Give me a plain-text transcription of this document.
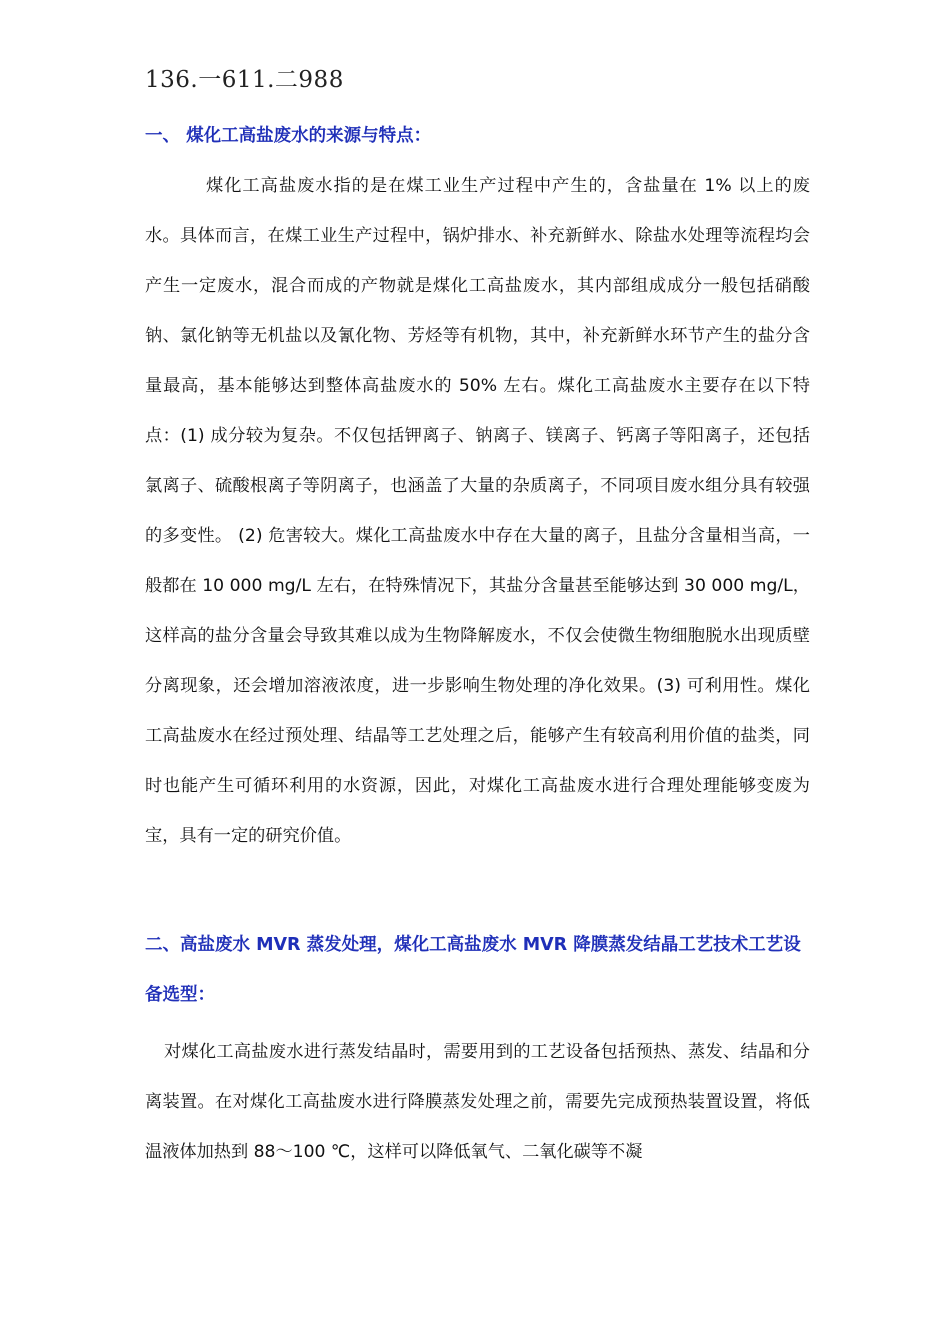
136.一611.二988
一、 煤化工高盐废水的来源与特点：
煤化工高盐废水指的是在煤工业生产过程中产生的，含盐量在 1% 以上的废水。具体而言，在煤工业生产过程中，锅炉排水、补充新鲜水、除盐水处理等流程均会产生一定废水，混合而成的产物就是煤化工高盐废水，其内部组成成分一般包括硝酸钠、氯化钠等无机盐以及氰化物、芳烃等有机物，其中，补充新鲜水环节产生的盐分含量最高，基本能够达到整体高盐废水的 50% 左右。煤化工高盐废水主要存在以下特点：(1) 成分较为复杂。不仅包括钾离子、钠离子、镁离子、钙离子等阳离子，还包括氯离子、硫酸根离子等阴离子，也涵盖了大量的杂质离子，不同项目废水组分具有较强的多变性。 (2) 危害较大。煤化工高盐废水中存在大量的离子，且盐分含量相当高，一般都在 10 000 mg/L 左右，在特殊情况下，其盐分含量甚至能够达到 30 000 mg/L，这样高的盐分含量会导致其难以成为生物降解废水，不仅会使微生物细胞脱水出现质壁分离现象，还会增加溶液浓度，进一步影响生物处理的净化效果。(3) 可利用性。煤化工高盐废水在经过预处理、结晶等工艺处理之后，能够产生有较高利用价值的盐类，同时也能产生可循环利用的水资源，因此，对煤化工高盐废水进行合理处理能够变废为宝，具有一定的研究价值。
二、高盐废水 MVR 蒸发处理，煤化工高盐废水 MVR 降膜蒸发结晶工艺技术工艺设备选型：
对煤化工高盐废水进行蒸发结晶时，需要用到的工艺设备包括预热、蒸发、结晶和分离装置。在对煤化工高盐废水进行降膜蒸发处理之前，需要先完成预热装置设置，将低温液体加热到 88～100 ℃，这样可以降低氧气、二氧化碳等不凝
